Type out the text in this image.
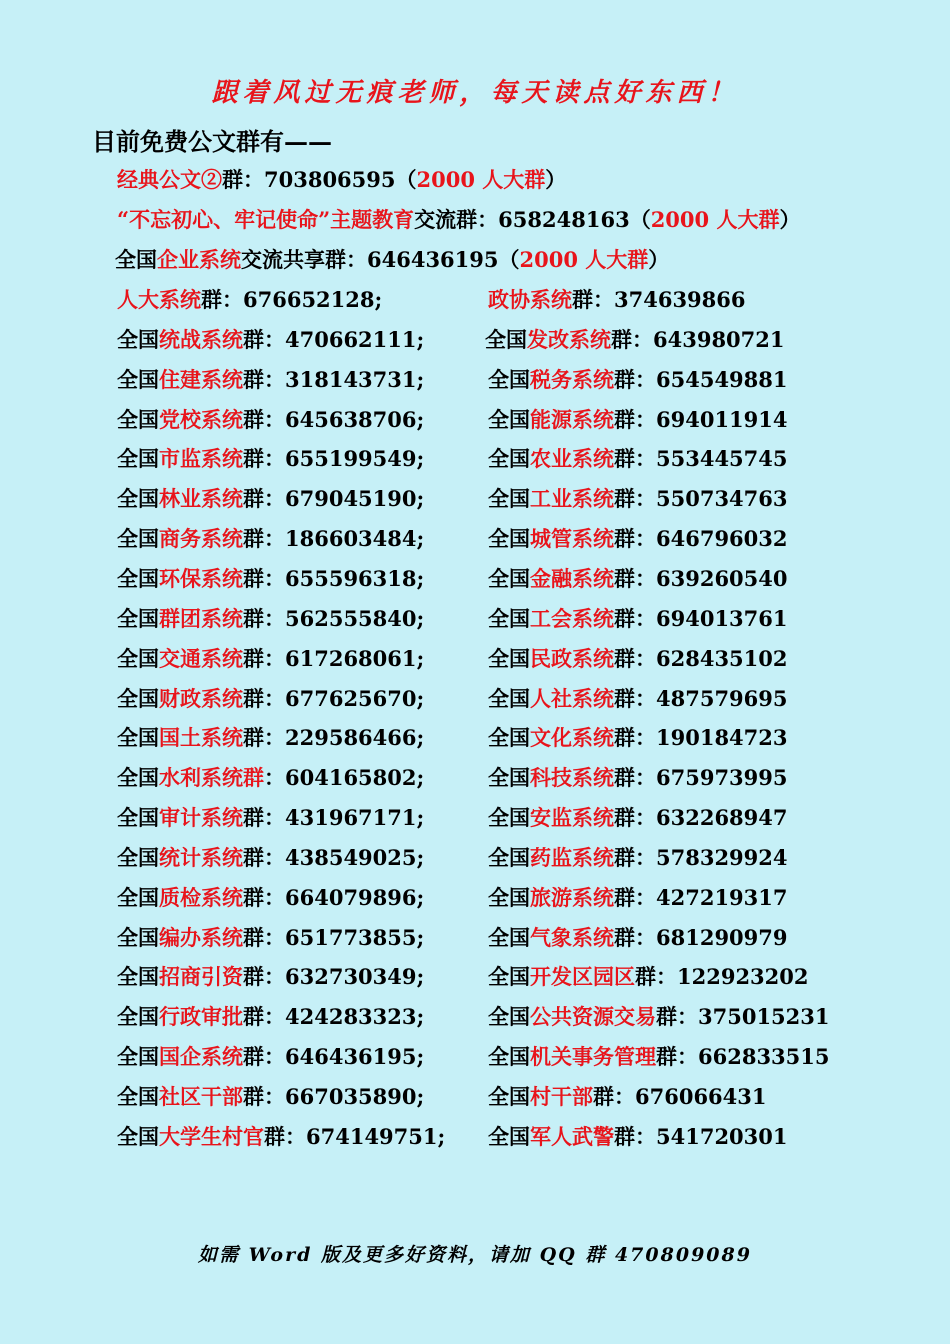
跟着风过无痕老师，每天读点好东西！
目前免费公文群有——
经典公文②群：703806595（2000 人大群）
“不忘初心、牢记使命”主题教育交流群：658248163（2000 人大群）
全国企业系统交流共享群：646436195（2000 人大群）
人大系统群：676652128;	政协系统群：374639866
全国统战系统群：470662111;	全国发改系统群：643980721
全国住建系统群：318143731;	全国税务系统群：654549881
全国党校系统群：645638706;	全国能源系统群：694011914
全国市监系统群：655199549;	全国农业系统群：553445745
全国林业系统群：679045190;	全国工业系统群：550734763
全国商务系统群：186603484;	全国城管系统群：646796032
全国环保系统群：655596318;	全国金融系统群：639260540
全国群团系统群：562555840;	全国工会系统群：694013761
全国交通系统群：617268061;	全国民政系统群：628435102
全国财政系统群：677625670;	全国人社系统群：487579695
全国国土系统群：229586466;	全国文化系统群：190184723
全国水利系统群：604165802;	全国科技系统群：675973995
全国审计系统群：431967171;	全国安监系统群：632268947
全国统计系统群：438549025;	全国药监系统群：578329924
全国质检系统群：664079896;	全国旅游系统群：427219317
全国编办系统群：651773855;	全国气象系统群：681290979
全国招商引资群：632730349;	全国开发区园区群：122923202
全国行政审批群：424283323;	全国公共资源交易群：375015231
全国国企系统群：646436195;	全国机关事务管理群：662833515
全国社区干部群：667035890;	全国村干部群：676066431
全国大学生村官群：674149751; 全国军人武警群：541720301
如需 Word 版及更多好资料，请加 QQ 群 470809089
